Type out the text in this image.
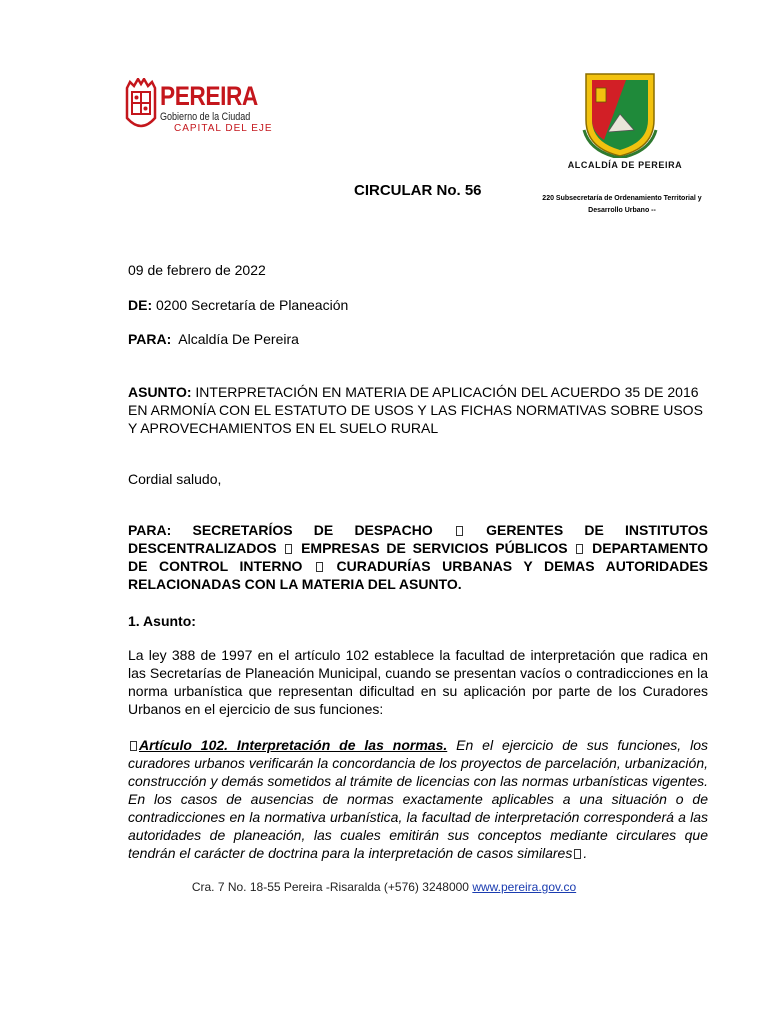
PEREIRA
Gobierno de la Ciudad
CAPITAL DEL EJE
ALCALDÍA DE PEREIRA
CIRCULAR No. 56	220 Subsecretaría de Ordenamiento Territorial y
Desarrollo Urbano --
09 de febrero de 2022
DE: 0200 Secretaría de Planeación
PARA:  Alcaldía De Pereira
ASUNTO: INTERPRETACIÓN EN MATERIA DE APLICACIÓN DEL ACUERDO 35 DE 2016 EN ARMONÍA CON EL ESTATUTO DE USOS Y LAS FICHAS NORMATIVAS SOBRE USOS Y APROVECHAMIENTOS EN EL SUELO RURAL
Cordial saludo,
PARA: SECRETARÍOS DE DESPACHO	GERENTES DE INSTITUTOS DESCENTRALIZADOS EMPRESAS DE SERVICIOS PÚBLICOS DEPARTAMENTO DE CONTROL INTERNO CURADURÍAS URBANAS Y DEMAS AUTORIDADES RELACIONADAS CON LA MATERIA DEL ASUNTO.
1. Asunto:
La ley 388 de 1997 en el artículo 102 establece la facultad de interpretación que radica en las Secretarías de Planeación Municipal, cuando se presentan vacíos o contradicciones en la norma urbanística que representan dificultad en su aplicación por parte de los Curadores Urbanos en el ejercicio de sus funciones:
Artículo 102. Interpretación de las normas. En el ejercicio de sus funciones, los curadores urbanos verificarán la concordancia de los proyectos de parcelación, urbanización, construcción y demás sometidos al trámite de licencias con las normas urbanísticas vigentes. En los casos de ausencias de normas exactamente aplicables a una situación o de contradicciones en la normativa urbanística, la facultad de interpretación corresponderá a las autoridades de planeación, las cuales emitirán sus conceptos mediante circulares que tendrán el carácter de doctrina para la interpretación de casos similares .
Cra. 7 No. 18-55 Pereira -Risaralda (+576) 3248000 www.pereira.gov.co
